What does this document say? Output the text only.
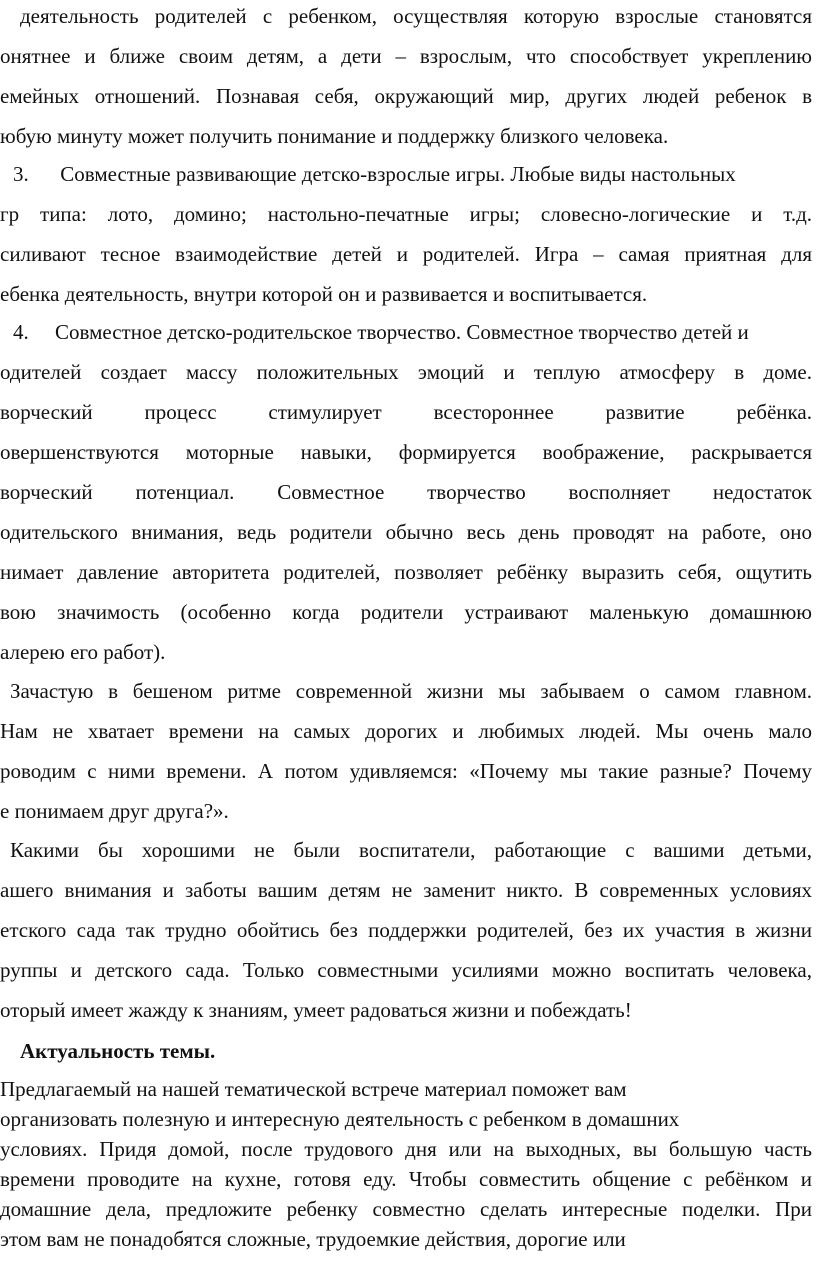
деятельность родителей с ребенком, осуществляя которую взрослые становятся
онятнее и ближе своим детям, а дети – взрослым, что способствует укреплению
емейных отношений. Познавая себя, окружающий мир, других людей ребенок в
юбую минуту может получить понимание и поддержку близкого человека.
3.      Совместные развивающие детско-взрослые игры. Любые виды настольных
гр типа: лото, домино; настольно-печатные игры; словесно-логические и т.д.
силивают тесное взаимодействие детей и родителей. Игра – самая приятная для
ебенка деятельность, внутри которой он и развивается и воспитывается.
4.     Совместное детско-родительское творчество. Совместное творчество детей и
одителей создает массу положительных эмоций и теплую атмосферу в доме.
ворческий процесс стимулирует всестороннее развитие ребёнка.
овершенствуются моторные навыки, формируется воображение, раскрывается
ворческий потенциал. Совместное творчество восполняет недостаток
одительского внимания, ведь родители обычно весь день проводят на работе, оно
нимает давление авторитета родителей, позволяет ребёнку выразить себя, ощутить
вою значимость (особенно когда родители устраивают маленькую домашнюю
алерею его работ).
Зачастую в бешеном ритме современной жизни мы забываем о самом главном.
Нам не хватает времени на самых дорогих и любимых людей. Мы очень мало
роводим с ними времени. А потом удивляемся: «Почему мы такие разные? Почему
е понимаем друг друга?».
Какими бы хорошими не были воспитатели, работающие с вашими детьми,
ашего внимания и заботы вашим детям не заменит никто. В современных условиях
етского сада так трудно обойтись без поддержки родителей, без их участия в жизни
руппы и детского сада. Только совместными усилиями можно воспитать человека,
оторый имеет жажду к знаниям, умеет радоваться жизни и побеждать!
Актуальность темы.
Предлагаемый на нашей тематической встрече материал поможет вам
организовать полезную и интересную деятельность с ребенком в домашних
условиях. Придя домой, после трудового дня или на выходных, вы большую часть
времени проводите на кухне, готовя еду. Чтобы совместить общение с ребёнком и
домашние дела, предложите ребенку совместно сделать интересные поделки. При
этом вам не понадобятся сложные, трудоемкие действия, дорогие или
